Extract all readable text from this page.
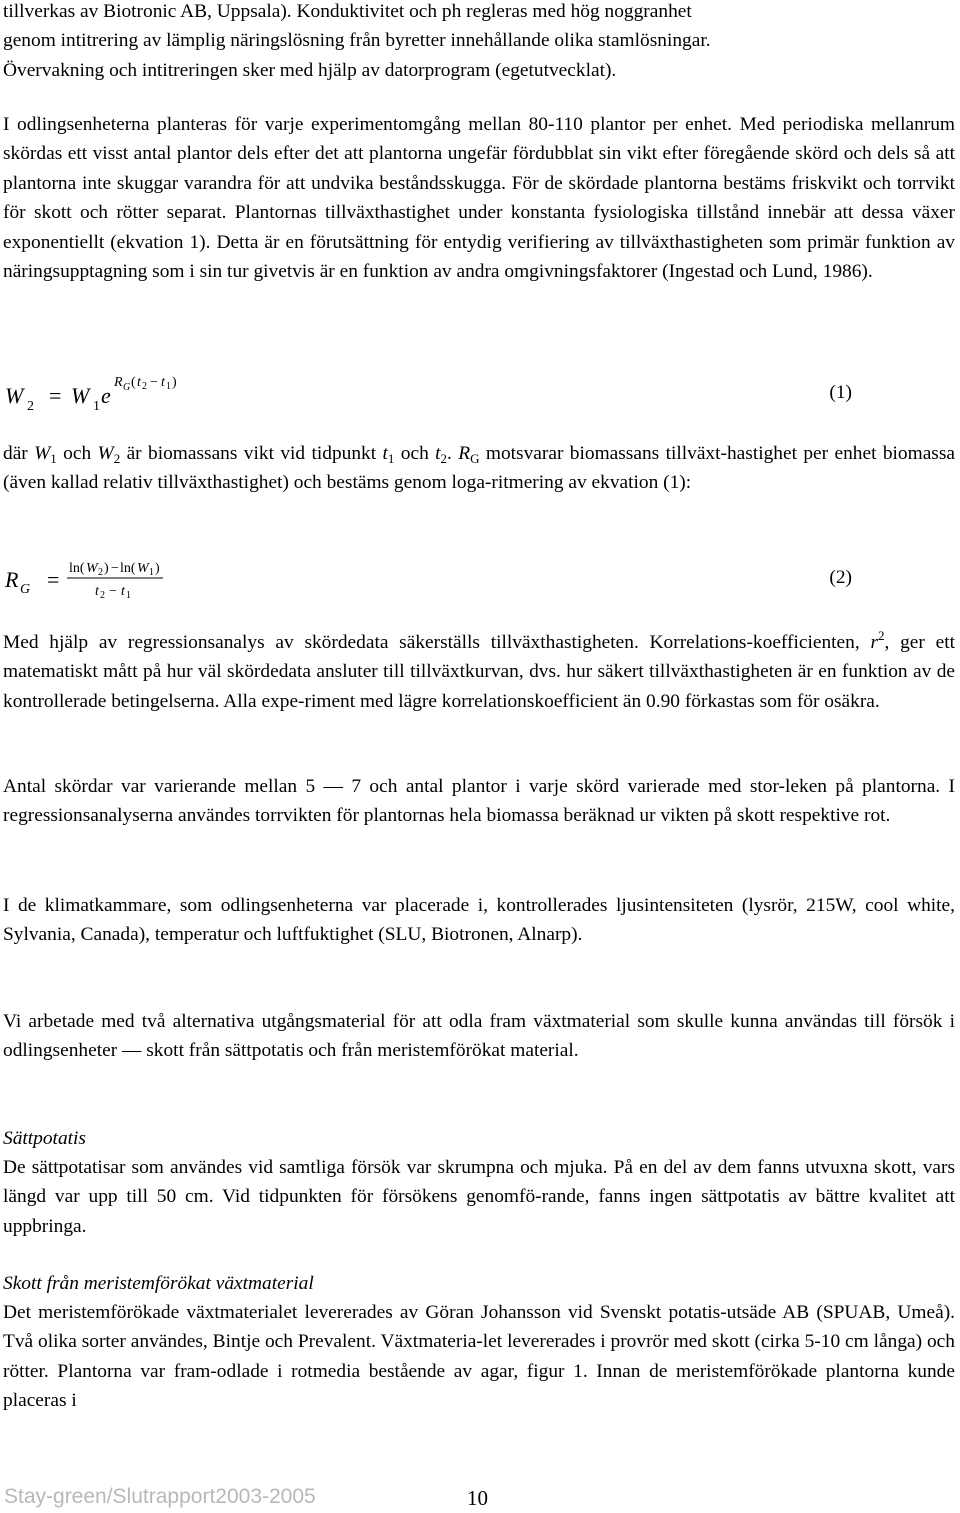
tillverkas av Biotronic AB, Uppsala). Konduktivitet och ph regleras med hög noggranhet
genom intitrering av lämplig näringslösning från byretter innehållande olika stamlösningar.
Övervakning och intitreringen sker med hjälp av datorprogram (egetutvecklat).

I odlingsenheterna planteras för varje experimentomgång mellan 80-110 plantor per enhet. Med periodiska mellanrum skördas ett visst antal plantor dels efter det att plantorna ungefär fördubblat sin vikt efter föregående skörd och dels så att plantorna inte skuggar varandra för att undvika beståndsskugga. För de skördade plantorna bestäms friskvikt och torrvikt för skott och rötter separat. Plantornas tillväxthastighet under konstanta fysiologiska tillstånd innebär att dessa växer exponentiellt (ekvation 1). Detta är en förutsättning för entydig verifiering av tillväxthastigheten som primär funktion av näringsupptagning som i sin tur givetvis är en funktion av andra omgivningsfaktorer (Ingestad och Lund, 1986).

W 2 = W 1 e
R G ( t 2 − t 1 )	(1)

där $W_1$ och $W_2$ är biomassans vikt vid tidpunkt $t_1$ och $t_2$. $R_G$ motsvarar biomassans tillväxt-hastighet per enhet biomassa (även kallad relativ tillväxthastighet) och bestäms genom loga-ritmering av ekvation (1):

R G = ln( W 2 ) − ln( W 1 )
t 2 − t 1
(2)

Med hjälp av regressionsanalys av skördedata säkerställs tillväxthastigheten. Korrelations-koefficienten, $r^2$, ger ett matematiskt mått på hur väl skördedata ansluter till tillväxtkurvan, dvs. hur säkert tillväxthastigheten är en funktion av de kontrollerade betingelserna. Alla expe-riment med lägre korrelationskoefficient än 0.90 förkastas som för osäkra.

Antal skördar var varierande mellan 5 — 7 och antal plantor i varje skörd varierade med stor-leken på plantorna. I regressionsanalyserna användes torrvikten för plantornas hela biomassa beräknad ur vikten på skott respektive rot.

I de klimatkammare, som odlingsenheterna var placerade i, kontrollerades ljusintensiteten (lysrör, 215W, cool white, Sylvania, Canada), temperatur och luftfuktighet (SLU, Biotronen, Alnarp).

Vi arbetade med två alternativa utgångsmaterial för att odla fram växtmaterial som skulle kunna användas till försök i odlingsenheter — skott från sättpotatis och från meristemförökat material.

Sättpotatis

De sättpotatisar som användes vid samtliga försök var skrumpna och mjuka. På en del av dem fanns utvuxna skott, vars längd var upp till 50 cm. Vid tidpunkten för försökens genomfö-rande, fanns ingen sättpotatis av bättre kvalitet att uppbringa.

Skott från meristemförökat växtmaterial

Det meristemförökade växtmaterialet levererades av Göran Johansson vid Svenskt potatis-utsäde AB (SPUAB, Umeå). Två olika sorter användes, Bintje och Prevalent. Växtmateria-let levererades i provrör med skott (cirka 5-10 cm långa) och rötter. Plantorna var fram-odlade i rotmedia bestående av agar, figur 1. Innan de meristemförökade plantorna kunde placeras i

Stay-green/Slutrapport2003-2005	10
